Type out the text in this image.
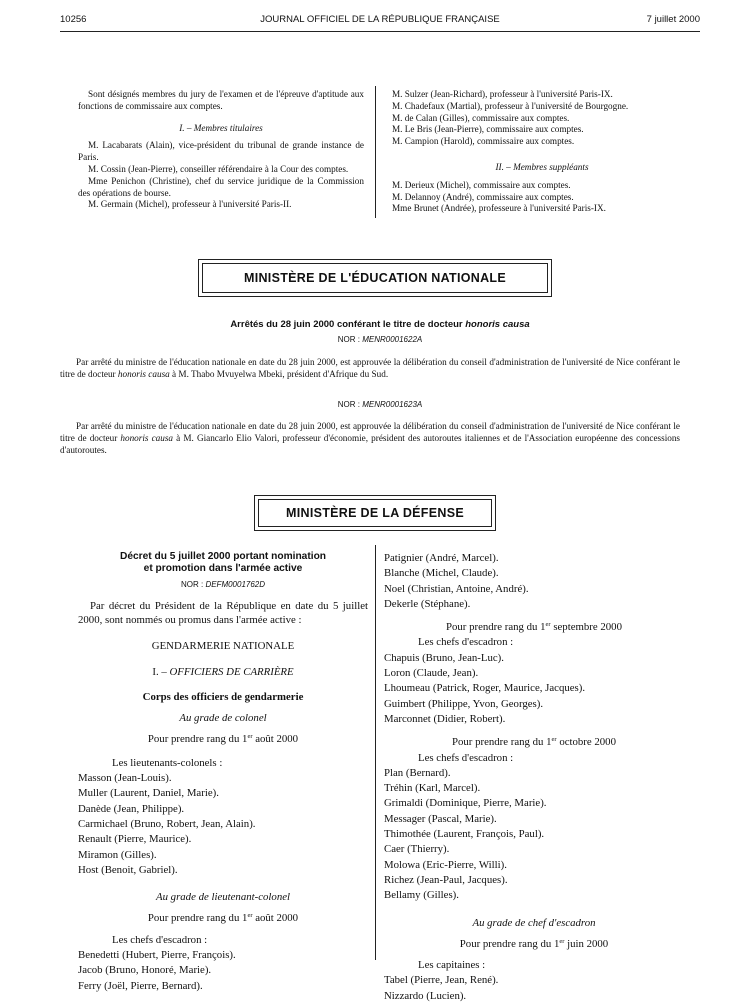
10256	JOURNAL OFFICIEL DE LA RÉPUBLIQUE FRANÇAISE	7 juillet 2000

Sont désignés membres du jury de l'examen et de l'épreuve d'aptitude aux fonctions de commissaire aux comptes.

I. – Membres titulaires

M. Lacabarats (Alain), vice-président du tribunal de grande instance de Paris.

M. Cossin (Jean-Pierre), conseiller référendaire à la Cour des comptes.

Mme Penichon (Christine), chef du service juridique de la Commission des opérations de bourse.

M. Germain (Michel), professeur à l'université Paris-II.

M. Sulzer (Jean-Richard), professeur à l'université Paris-IX.

M. Chadefaux (Martial), professeur à l'université de Bourgogne.

M. de Calan (Gilles), commissaire aux comptes.

M. Le Bris (Jean-Pierre), commissaire aux comptes.

M. Campion (Harold), commissaire aux comptes.

II. – Membres suppléants

M. Derieux (Michel), commissaire aux comptes.

M. Delannoy (André), commissaire aux comptes.

Mme Brunet (Andrée), professeure à l'université Paris-IX.

MINISTÈRE DE L'ÉDUCATION NATIONALE
Arrêtés du 28 juin 2000 conférant le titre de docteur honoris causa
NOR : MENR0001622A

Par arrêté du ministre de l'éducation nationale en date du 28 juin 2000, est approuvée la délibération du conseil d'administration de l'université de Nice conférant le titre de docteur honoris causa à M. Thabo Mvuyelwa Mbeki, président d'Afrique du Sud.

NOR : MENR0001623A

Par arrêté du ministre de l'éducation nationale en date du 28 juin 2000, est approuvée la délibération du conseil d'administration de l'université de Nice conférant le titre de docteur honoris causa à M. Giancarlo Elio Valori, professeur d'économie, président des autoroutes italiennes et de l'Association européenne des concessions d'autoroutes.

MINISTÈRE DE LA DÉFENSE
Décret du 5 juillet 2000 portant nomination
et promotion dans l'armée active
NOR : DEFM0001762D

Par décret du Président de la République en date du 5 juillet 2000, sont nommés ou promus dans l'armée active :

GENDARMERIE NATIONALE

I. – OFFICIERS DE CARRIÈRE

Corps des officiers de gendarmerie

Au grade de colonel

Pour prendre rang du 1er août 2000

Les lieutenants-colonels :

Masson (Jean-Louis).

Muller (Laurent, Daniel, Marie).

Danède (Jean, Philippe).

Carmichael (Bruno, Robert, Jean, Alain).

Renault (Pierre, Maurice).

Miramon (Gilles).

Host (Benoit, Gabriel).

Au grade de lieutenant-colonel

Pour prendre rang du 1er août 2000

Les chefs d'escadron :

Benedetti (Hubert, Pierre, François).

Jacob (Bruno, Honoré, Marie).

Ferry (Joël, Pierre, Bernard).

Patignier (André, Marcel).

Blanche (Michel, Claude).

Noel (Christian, Antoine, André).

Dekerle (Stéphane).

Pour prendre rang du 1er septembre 2000

Les chefs d'escadron :

Chapuis (Bruno, Jean-Luc).

Loron (Claude, Jean).

Lhoumeau (Patrick, Roger, Maurice, Jacques).

Guimbert (Philippe, Yvon, Georges).

Marconnet (Didier, Robert).

Pour prendre rang du 1er octobre 2000

Les chefs d'escadron :

Plan (Bernard).

Tréhin (Karl, Marcel).

Grimaldi (Dominique, Pierre, Marie).

Messager (Pascal, Marie).

Thimothée (Laurent, François, Paul).

Caer (Thierry).

Molowa (Eric-Pierre, Willi).

Richez (Jean-Paul, Jacques).

Bellamy (Gilles).

Au grade de chef d'escadron

Pour prendre rang du 1er juin 2000

Les capitaines :

Tabel (Pierre, Jean, René).

Nizzardo (Lucien).
